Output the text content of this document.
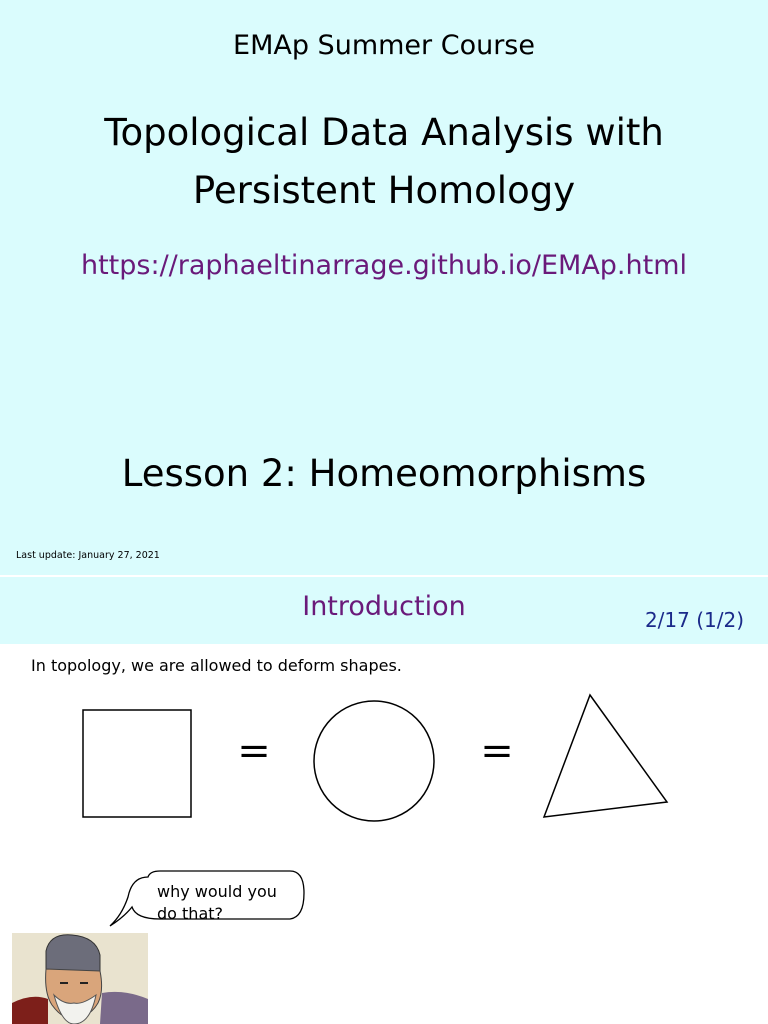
EMAp Summer Course
Topological Data Analysis with
Persistent Homology
https://raphaeltinarrage.github.io/EMAp.html
Lesson 2: Homeomorphisms
Last update: January 27, 2021
Introduction	2/17 (1/2)
In topology, we are allowed to deform shapes.
=	=
why would you
do that?
